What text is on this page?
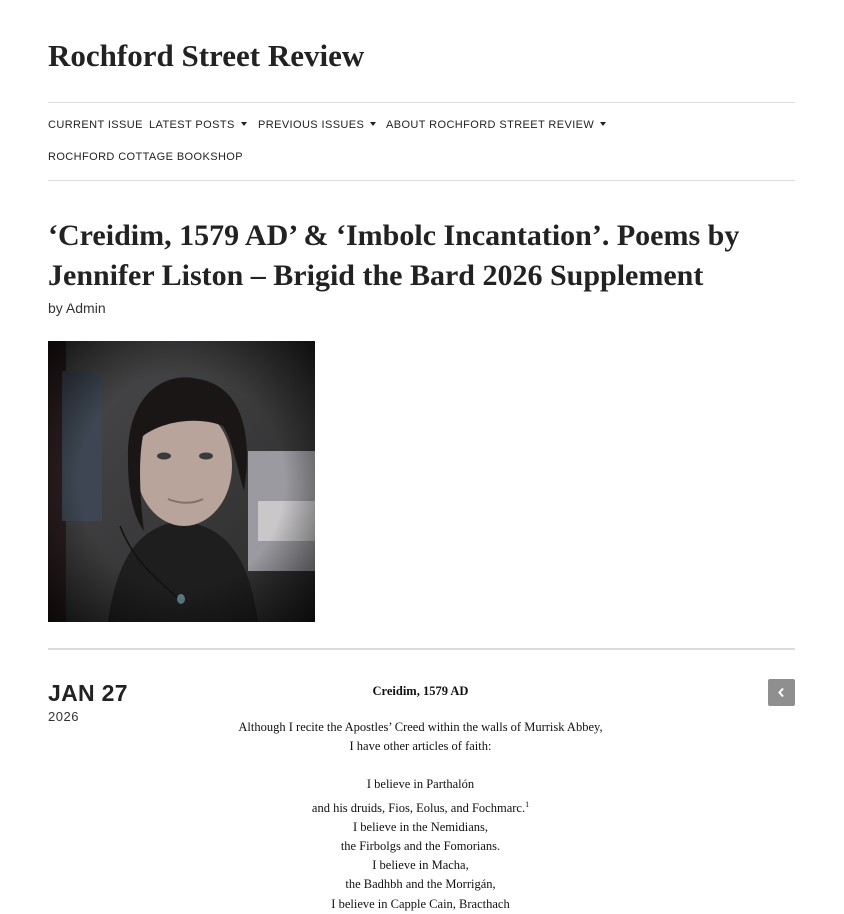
Rochford Street Review
CURRENT ISSUE LATEST POSTS	PREVIOUS ISSUES	ABOUT ROCHFORD STREET REVIEW
ROCHFORD COTTAGE BOOKSHOP
‘Creidim, 1579 AD’ & ‘Imbolc Incantation’. Poems by Jennifer Liston – Brigid the Bard 2026 Supplement
by Admin
JAN 27
2026
Creidim, 1579 AD
Although I recite the Apostles’ Creed within the walls of Murrisk Abbey,
I have other articles of faith:
I believe in Parthalón
and his druids, Fios, Eolus, and Fochmarc.$^1$
I believe in the Nemidians,
the Firbolgs and the Fomorians.
I believe in Macha,
the Badhbh and the Morrigán,
I believe in Capple Cain, Bracthach
